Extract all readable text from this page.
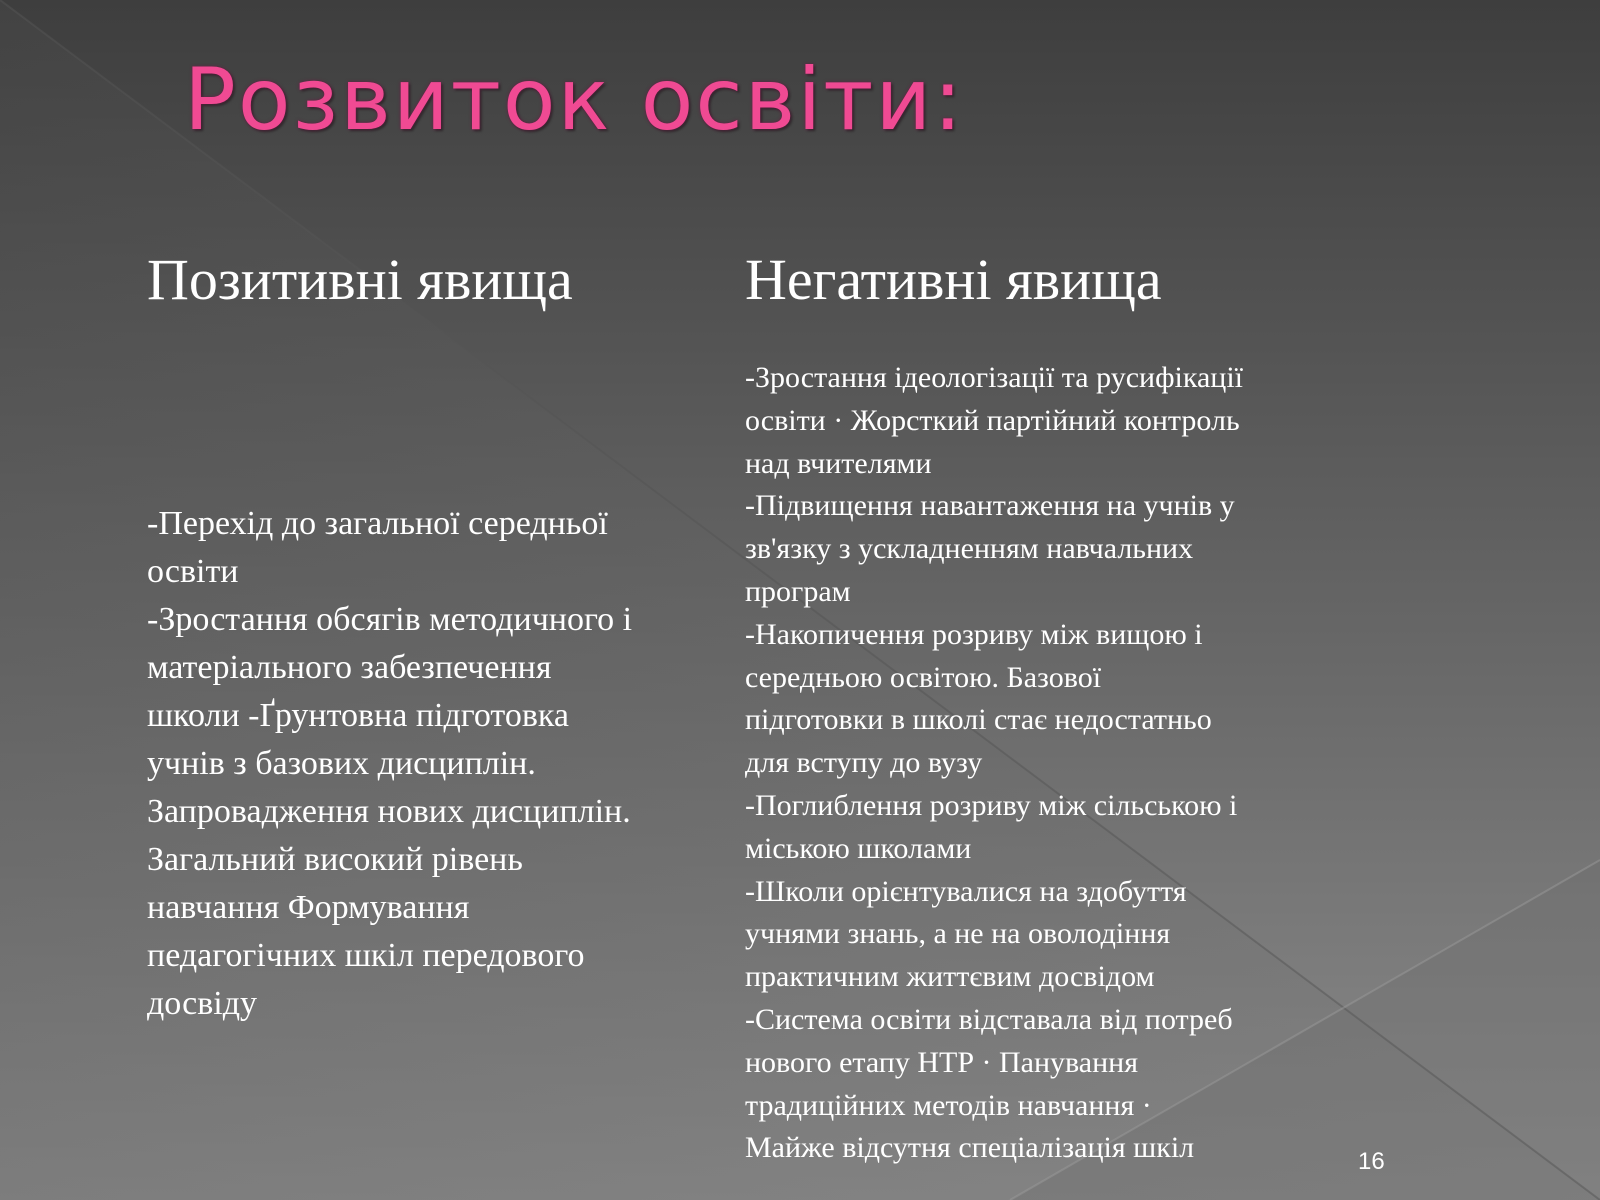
Розвиток освіти:
Позитивні явища	Негативні явища
-Перехід до загальної середньої
освіти
-Зростання обсягів методичного і
матеріального забезпечення
школи -Ґрунтовна підготовка
учнів з базових дисциплін.
Запровадження нових дисциплін.
Загальний високий рівень
навчання Формування
педагогічних шкіл передового
досвіду
-Зростання ідеологізації та русифікації
освіти · Жорсткий партійний контроль
над вчителями
-Підвищення навантаження на учнів у
зв'язку з ускладненням навчальних
програм
-Накопичення розриву між вищою і
середньою освітою. Базової
підготовки в школі стає недостатньо
для вступу до вузу
-Поглиблення розриву між сільською і
міською школами
-Школи орієнтувалися на здобуття
учнями знань, а не на оволодіння
практичним життєвим досвідом
-Система освіти відставала від потреб
нового етапу НТР · Панування
традиційних методів навчання ·
Майже відсутня спеціалізація шкіл	16
